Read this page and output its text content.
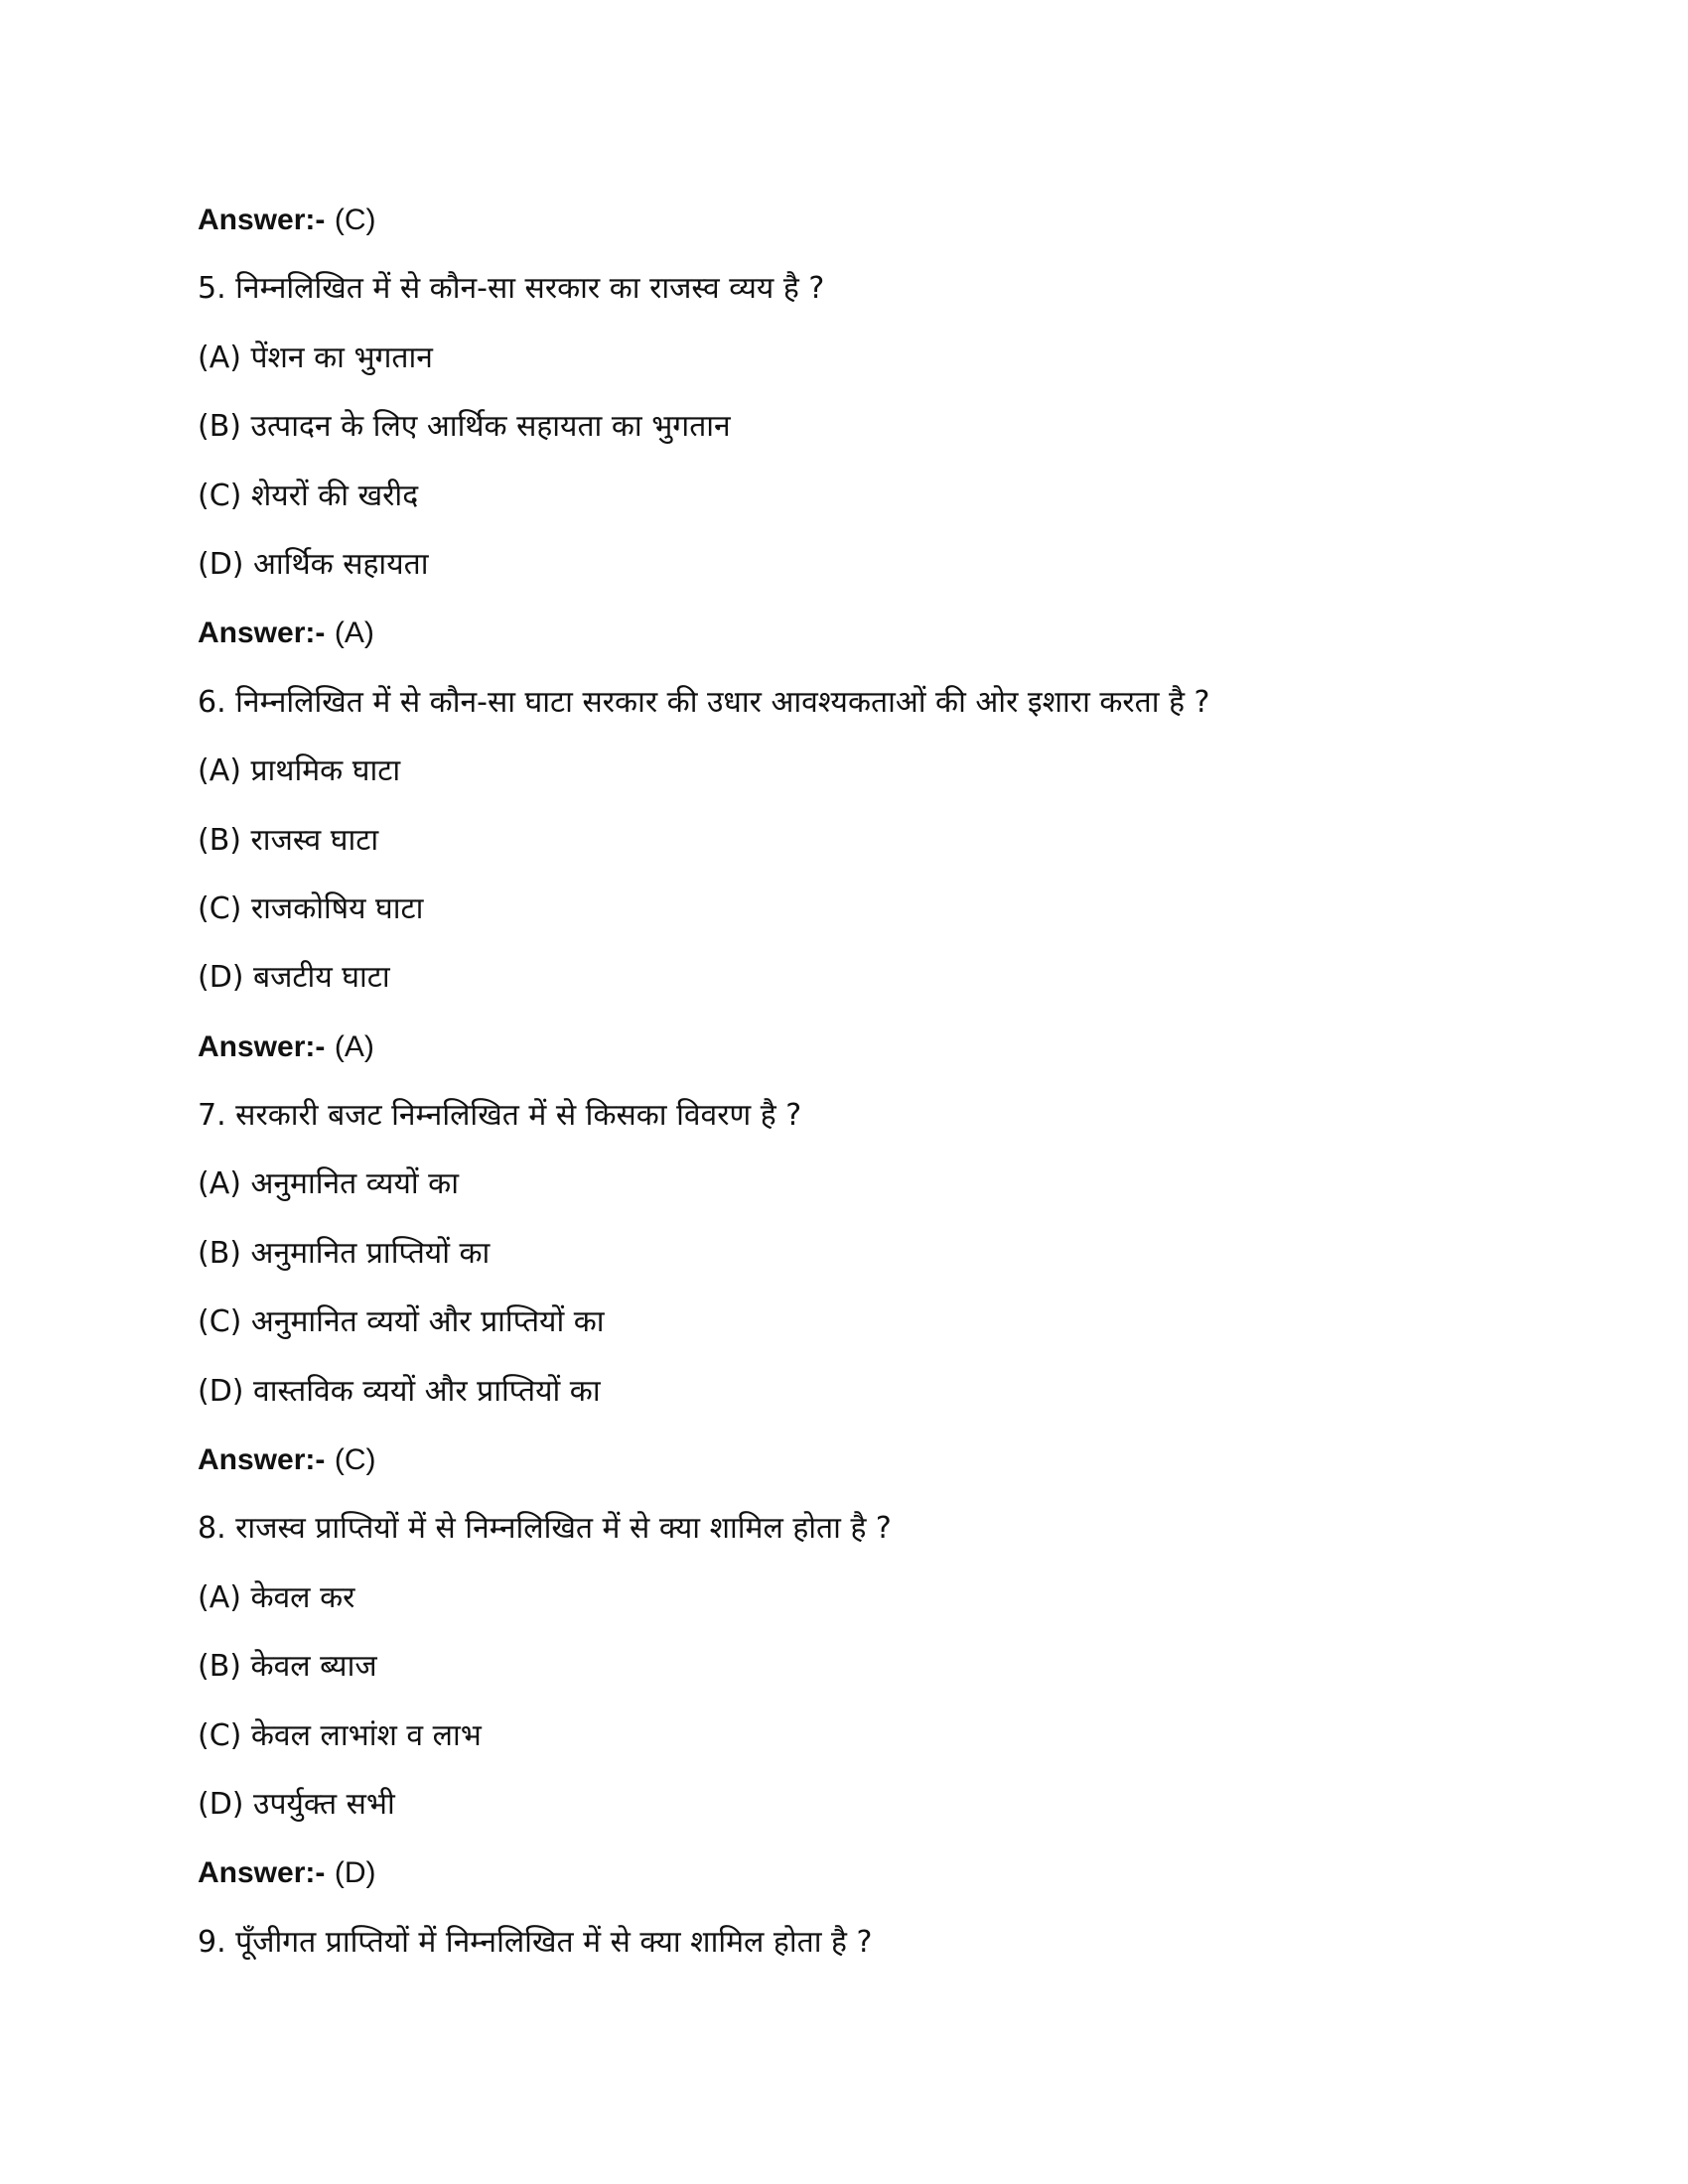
Answer:- (C)
5. निम्नलिखित में से कौन-सा सरकार का राजस्व व्यय है ?
(A) पेंशन का भुगतान
(B) उत्पादन के लिए आर्थिक सहायता का भुगतान
(C) शेयरों की खरीद
(D) आर्थिक सहायता
Answer:- (A)
6. निम्नलिखित में से कौन-सा घाटा सरकार की उधार आवश्यकताओं की ओर इशारा करता है ?
(A) प्राथमिक घाटा
(B) राजस्व घाटा
(C) राजकोषिय घाटा
(D) बजटीय घाटा
Answer:- (A)
7. सरकारी बजट निम्नलिखित में से किसका विवरण है ?
(A) अनुमानित व्ययों का
(B) अनुमानित प्राप्तियों का
(C) अनुमानित व्ययों और प्राप्तियों का
(D) वास्तविक व्ययों और प्राप्तियों का
Answer:- (C)
8. राजस्व प्राप्तियों में से निम्नलिखित में से क्या शामिल होता है ?
(A) केवल कर
(B) केवल ब्याज
(C) केवल लाभांश व लाभ
(D) उपर्युक्त सभी
Answer:- (D)
9. पूँजीगत प्राप्तियों में निम्नलिखित में से क्या शामिल होता है ?
